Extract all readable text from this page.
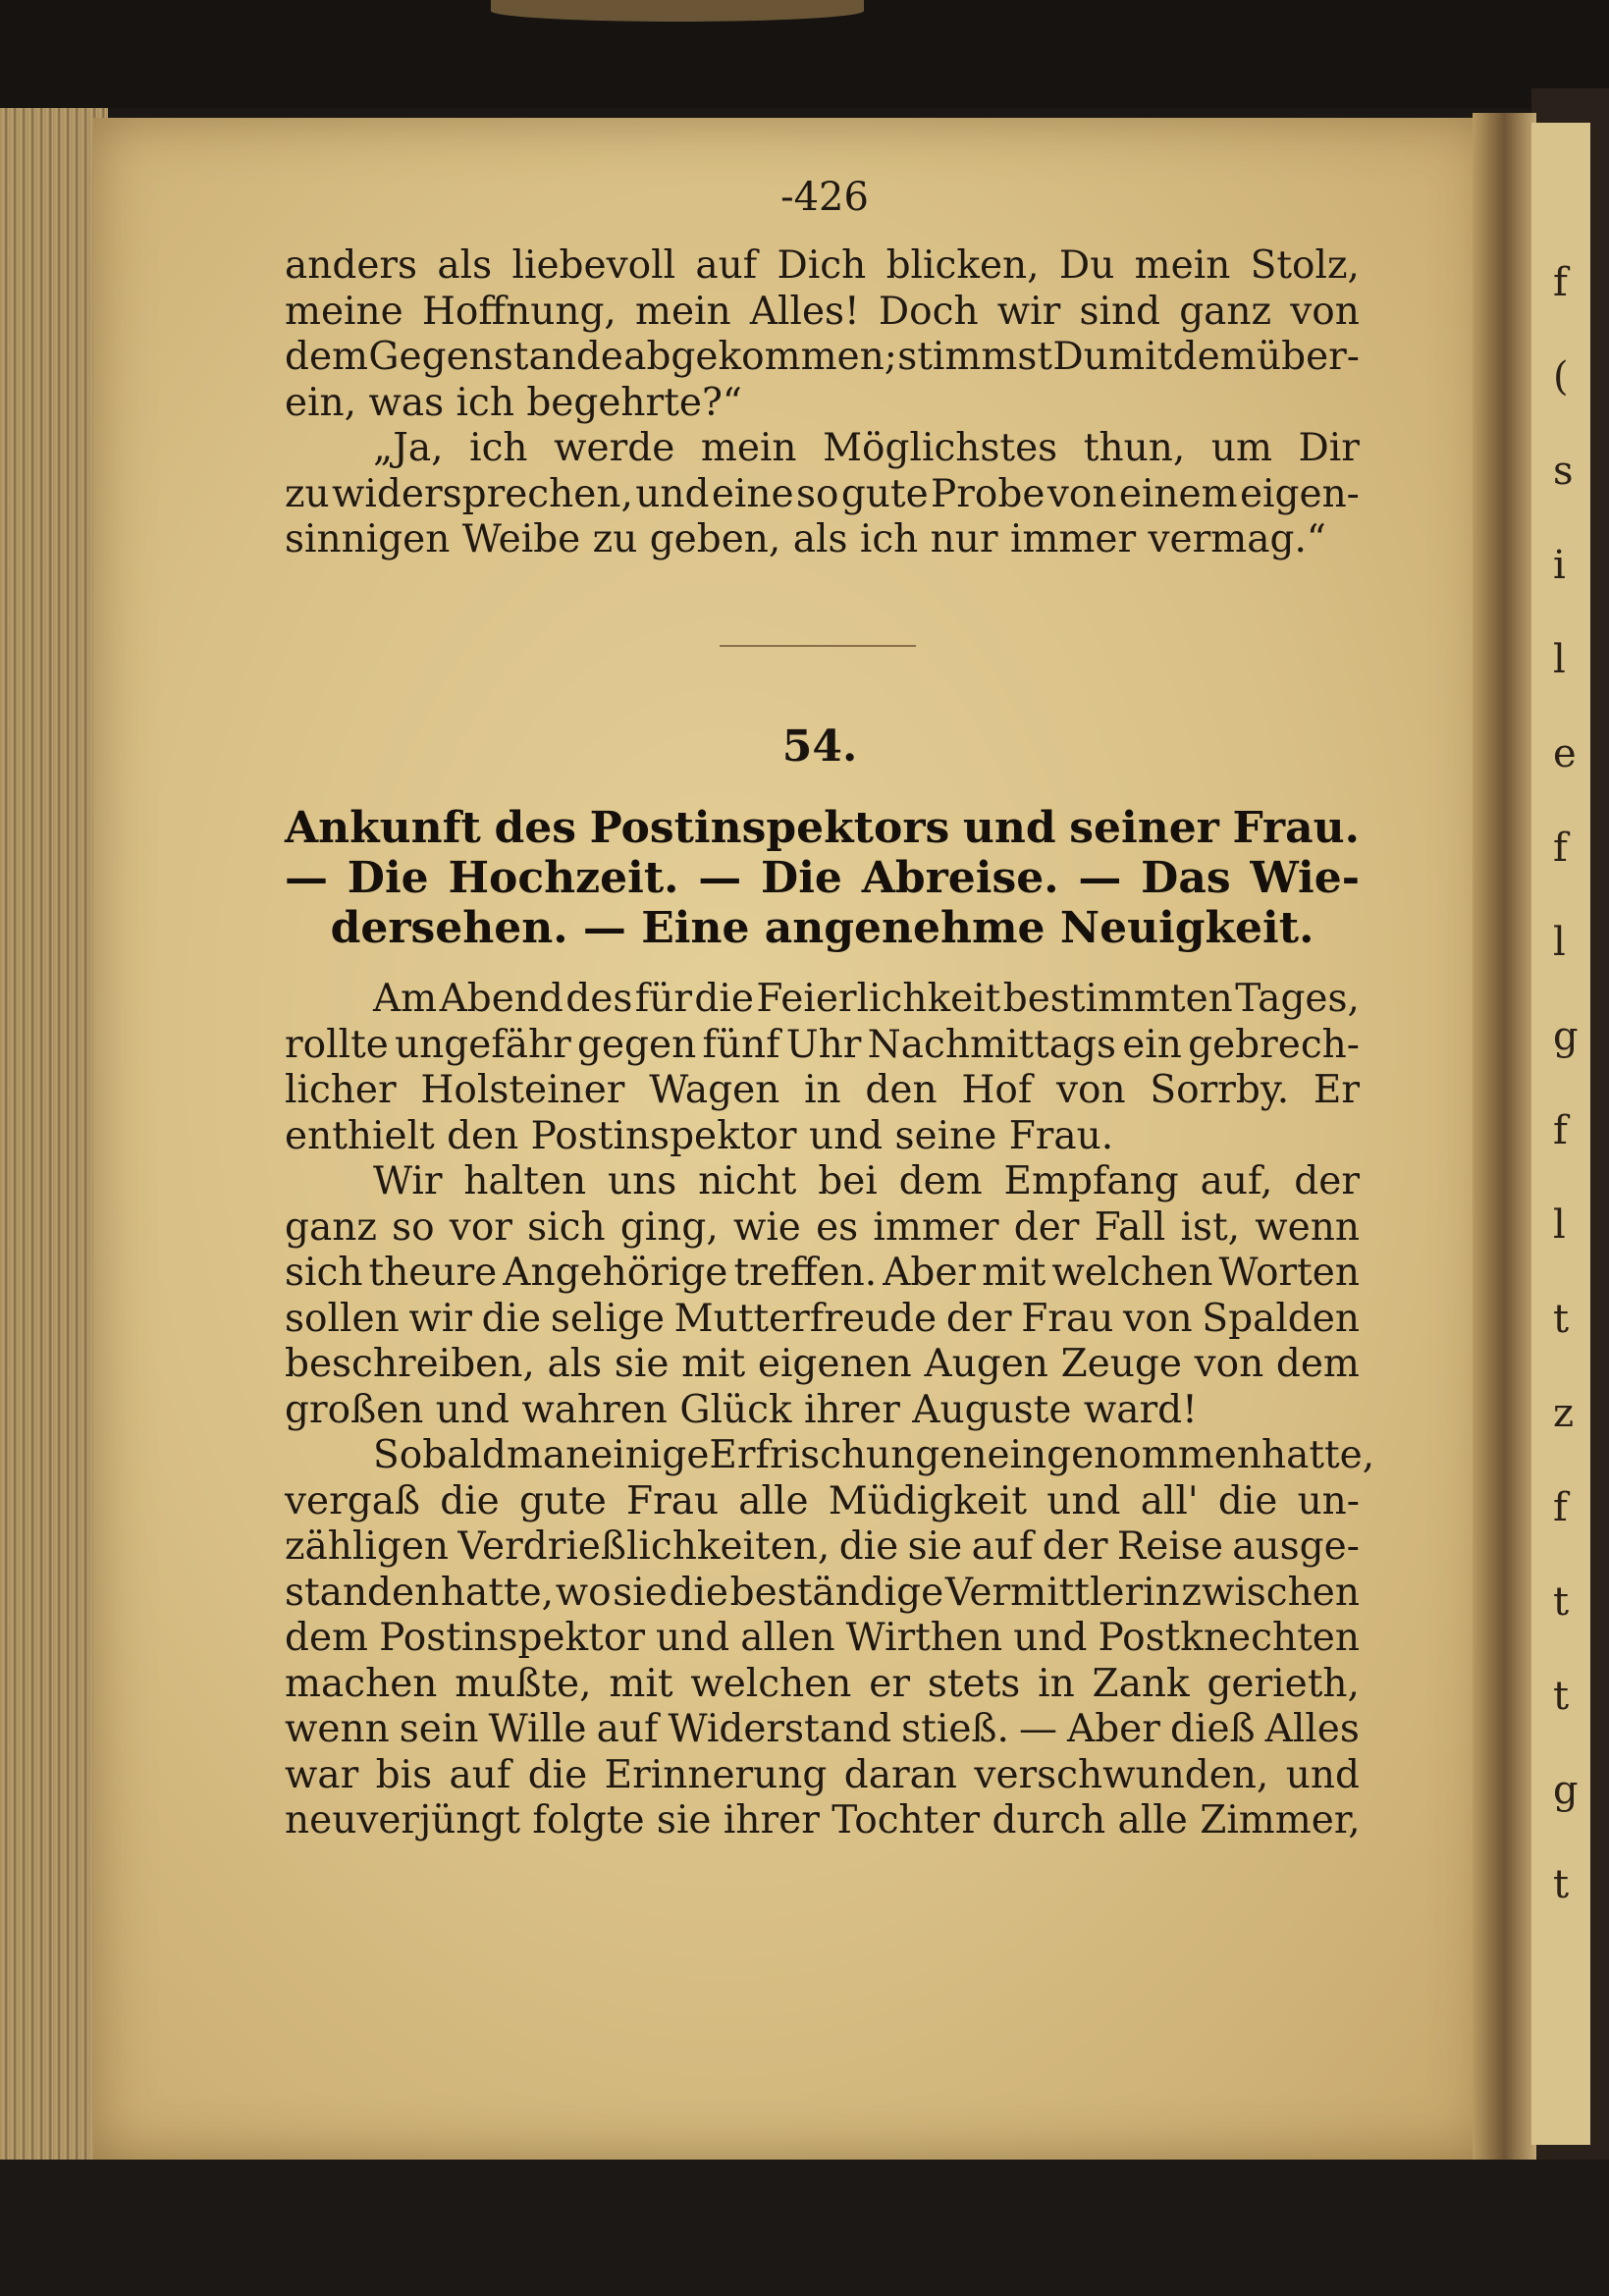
f
(
s
i
l
e
f
l
g
f
l
t
z
f
t
t
g
t
-426
anders als liebevoll auf Dich blicken, Du mein Stolz,
meine Hoffnung, mein Alles! Doch wir sind ganz von
dem Gegenstande abgekommen; stimmst Du mit dem über-
ein, was ich begehrte?“
„Ja, ich werde mein Möglichstes thun, um Dir
zu widersprechen, und eine so gute Probe von einem eigen-
sinnigen Weibe zu geben, als ich nur immer vermag.“
54.
Ankunft des Postinspektors und seiner Frau.
— Die Hochzeit. — Die Abreise. — Das Wie-
dersehen. — Eine angenehme Neuigkeit.
Am Abend des für die Feierlichkeit bestimmten Tages,
rollte ungefähr gegen fünf Uhr Nachmittags ein gebrech-
licher Holsteiner Wagen in den Hof von Sorrby. Er
enthielt den Postinspektor und seine Frau.
Wir halten uns nicht bei dem Empfang auf, der
ganz so vor sich ging, wie es immer der Fall ist, wenn
sich theure Angehörige treffen. Aber mit welchen Worten
sollen wir die selige Mutterfreude der Frau von Spalden
beschreiben, als sie mit eigenen Augen Zeuge von dem
großen und wahren Glück ihrer Auguste ward!
Sobald man einige Erfrischungen eingenommen hatte,
vergaß die gute Frau alle Müdigkeit und all' die un-
zähligen Verdrießlichkeiten, die sie auf der Reise ausge-
standen hatte, wo sie die beständige Vermittlerin zwischen
dem Postinspektor und allen Wirthen und Postknechten
machen mußte, mit welchen er stets in Zank gerieth,
wenn sein Wille auf Widerstand stieß. — Aber dieß Alles
war bis auf die Erinnerung daran verschwunden, und
neuverjüngt folgte sie ihrer Tochter durch alle Zimmer,
